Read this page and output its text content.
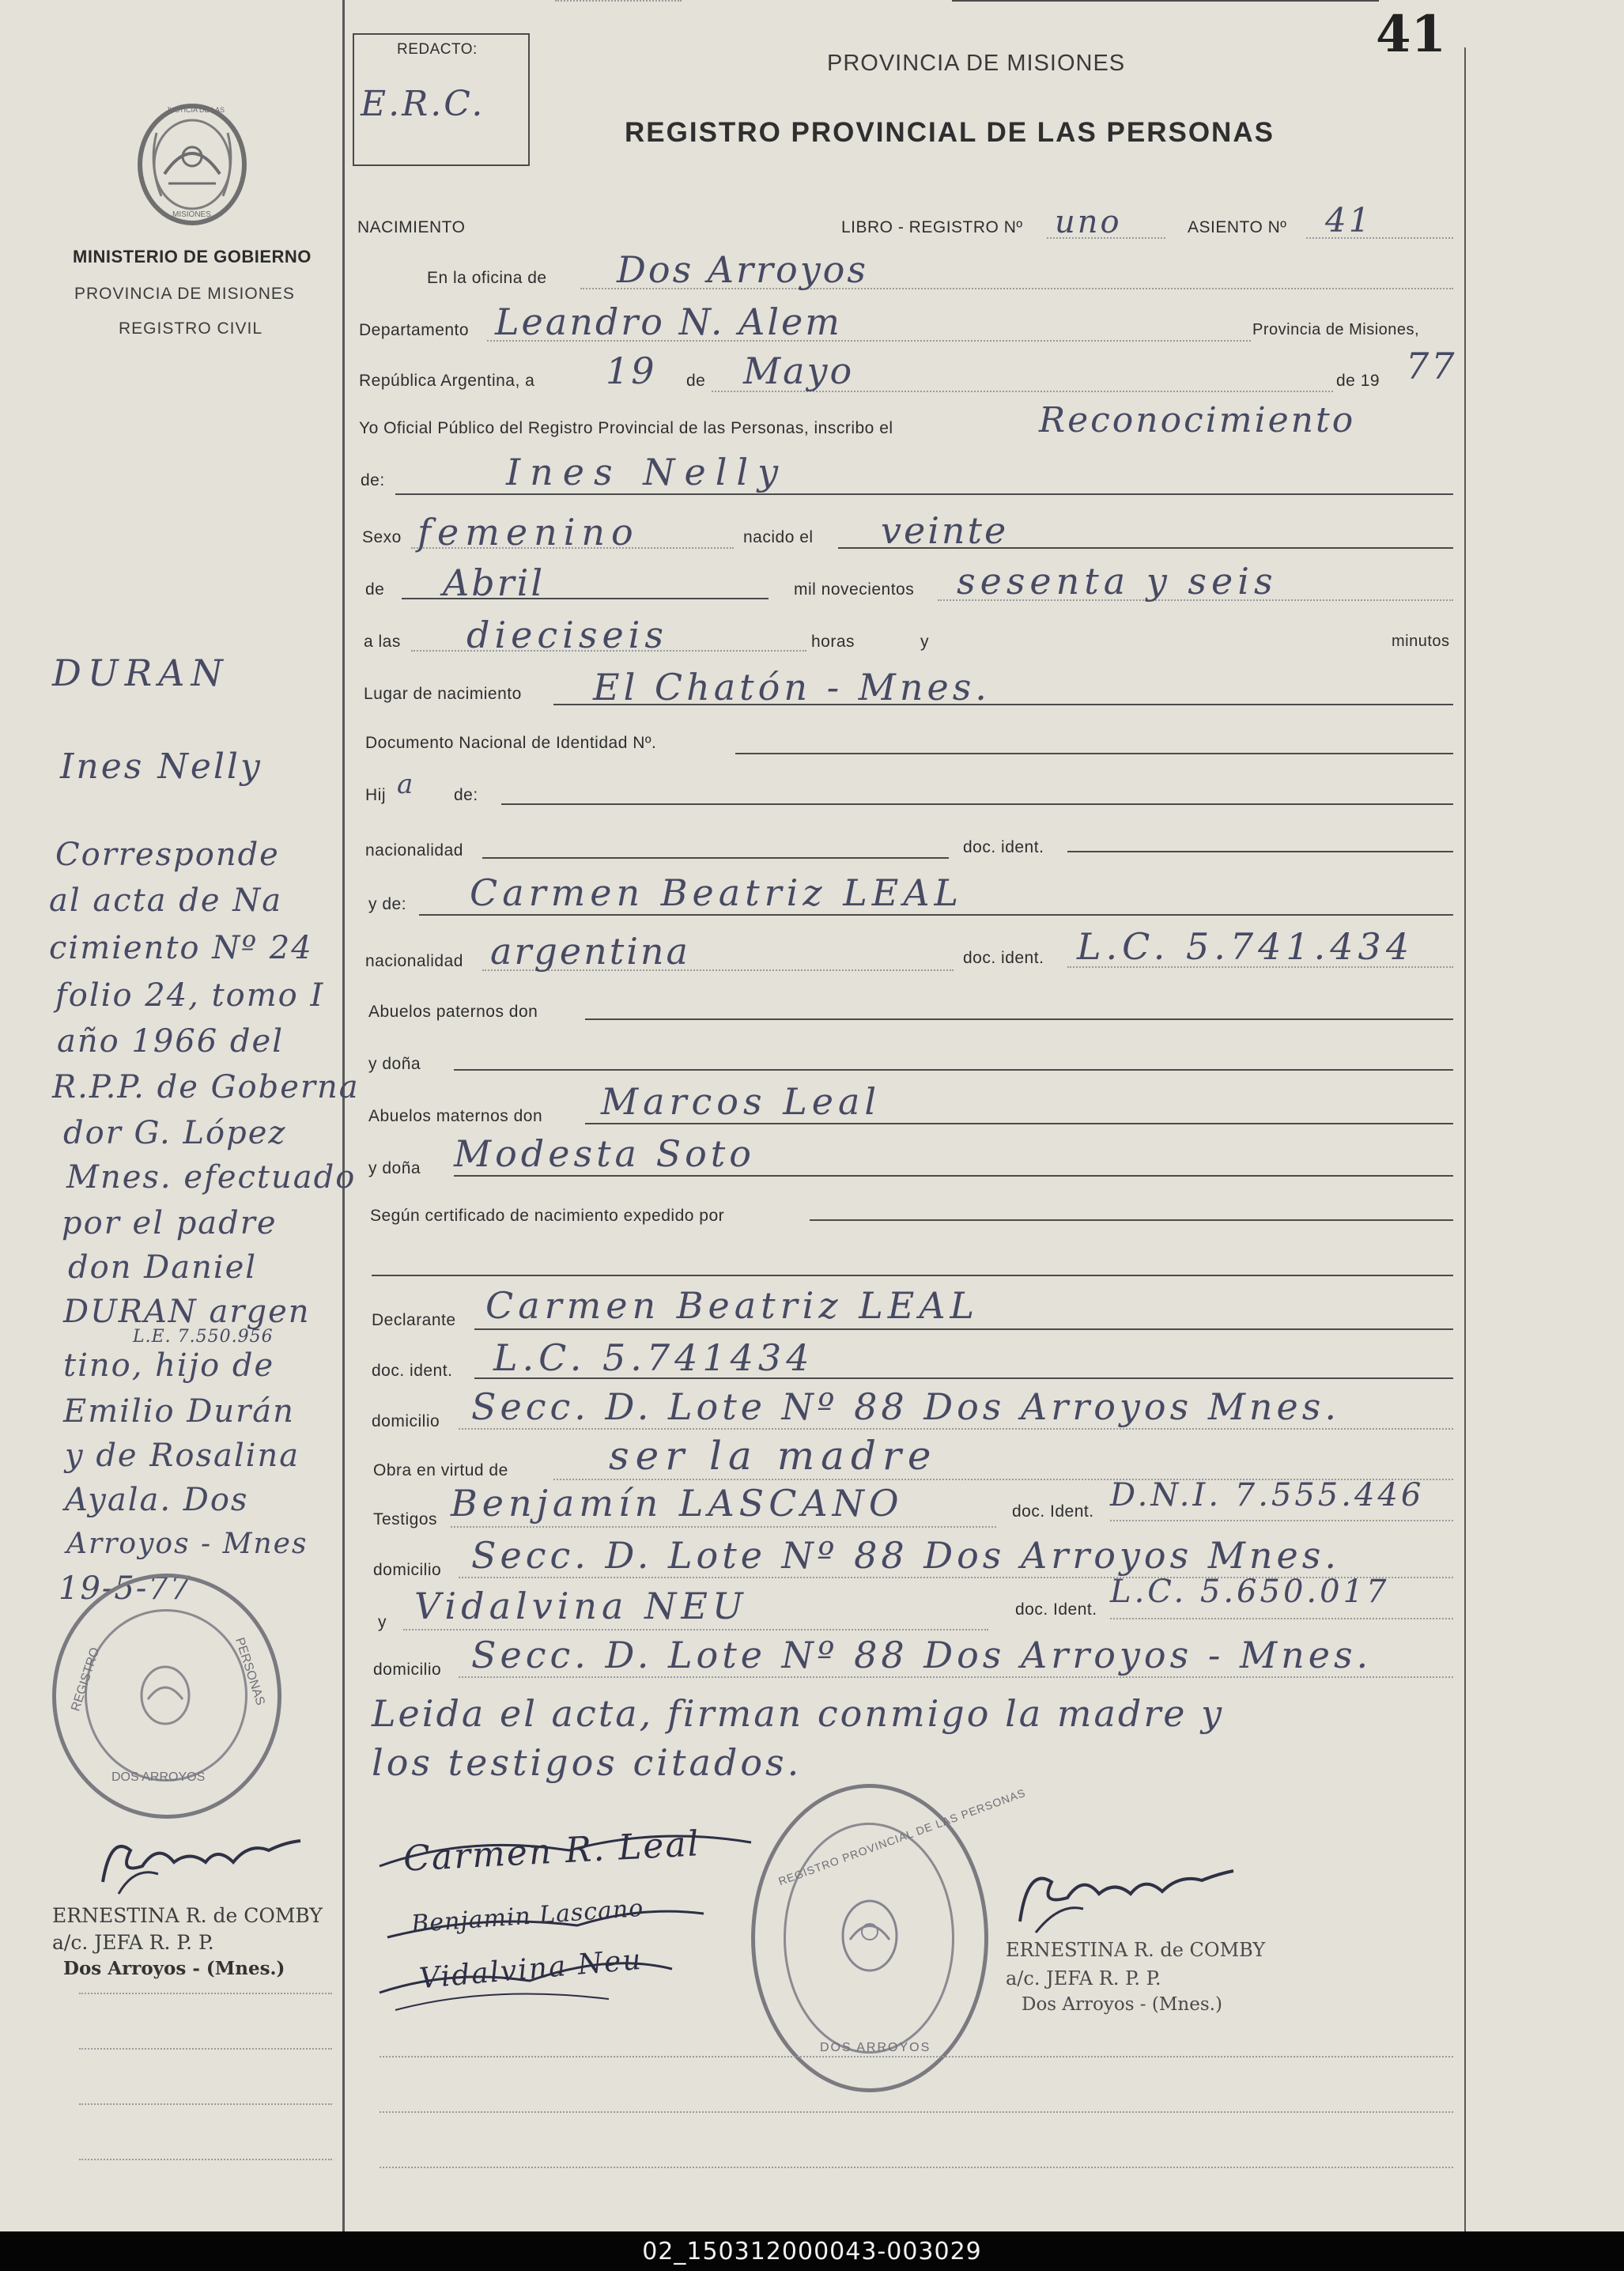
41
JUSTICIA DE LAS
MISIONES
MINISTERIO DE GOBIERNO
PROVINCIA DE MISIONES
REGISTRO CIVIL
DURAN
Ines Nelly
Corresponde
al acta de Na
cimiento Nº 24
folio 24, tomo I
año 1966 del
R.P.P. de Goberna
dor G. López
Mnes. efectuado
por el padre
don Daniel
DURAN argen
L.E. 7.550.956
tino, hijo de
Emilio Durán
y de Rosalina
Ayala. Dos
Arroyos - Mnes
19-5-77
REGISTRO	PERSONAS
DOS ARROYOS
ERNESTINA R. de COMBY
a/c. JEFA R. P. P.
Dos Arroyos - (Mnes.)
REDACTO:
E.R.C.
PROVINCIA DE MISIONES
REGISTRO PROVINCIAL DE LAS PERSONAS
NACIMIENTO	LIBRO - REGISTRO Nº uno	ASIENTO Nº 41
En la oficina de Dos Arroyos
Departamento Leandro N. Alem	Provincia de Misiones,
República Argentina, a 19 de Mayo	de 19 77
Yo Oficial Público del Registro Provincial de las Personas, inscribo el	Reconocimiento
de:	Ines Nelly
Sexo femenino	nacido el veinte
de Abril	mil novecientos sesenta y seis
a las dieciseis	horas	y	minutos
Lugar de nacimiento El Chatón - Mnes.
Documento Nacional de Identidad Nº.
Hij a de:
nacionalidad	doc. ident.
y de: Carmen Beatriz LEAL
nacionalidad argentina	doc. ident. L.C. 5.741.434
Abuelos paternos don
y doña
Abuelos maternos don Marcos Leal
y doña Modesta Soto
Según certificado de nacimiento expedido por
Declarante Carmen Beatriz LEAL
doc. ident. L.C. 5.741434
domicilio Secc. D. Lote Nº 88 Dos Arroyos Mnes.
Obra en virtud de	ser la madre
Testigos Benjamín LASCANO	doc. Ident. D.N.I. 7.555.446
domicilio Secc. D. Lote Nº 88 Dos Arroyos Mnes.
y Vidalvina NEU	doc. Ident. L.C. 5.650.017
domicilio Secc. D. Lote Nº 88 Dos Arroyos - Mnes.
Leida el acta, firman conmigo la madre y
los testigos citados.
Carmen R. Leal
Benjamin Lascano
Vidalvina Neu
REGISTRO PROVINCIAL DE LAS PERSONAS
DOS ARROYOS
ERNESTINA R. de COMBY
a/c. JEFA R. P. P.
Dos Arroyos - (Mnes.)
02_150312000043-003029
